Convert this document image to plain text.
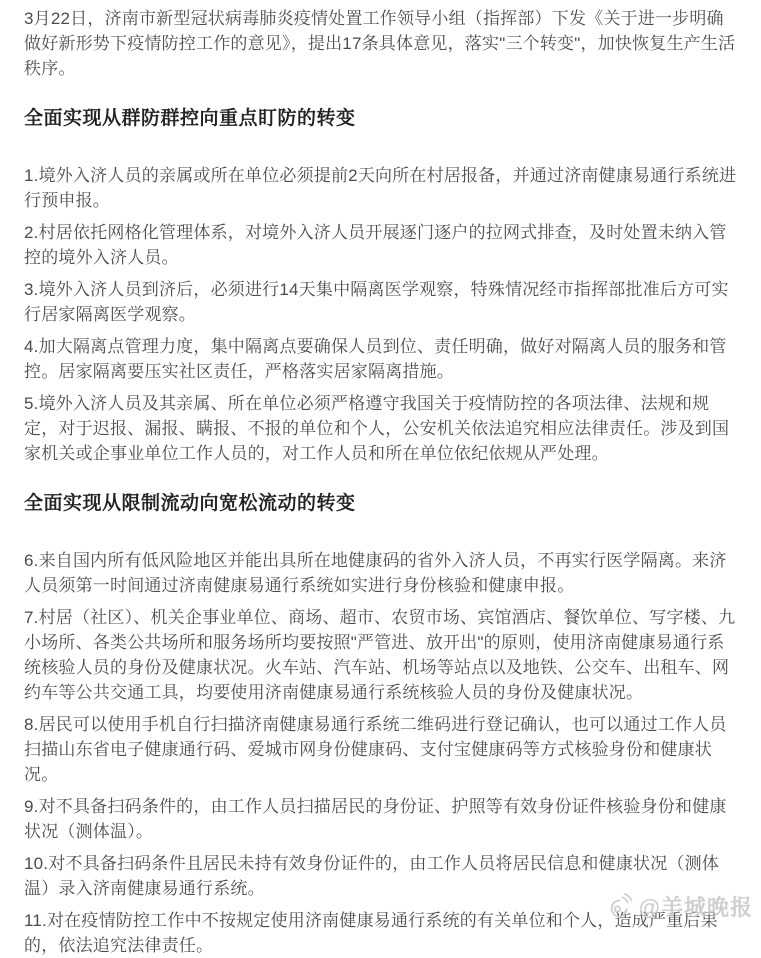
3月22日，济南市新型冠状病毒肺炎疫情处置工作领导小组（指挥部）下发《关于进一步明确做好新形势下疫情防控工作的意见》，提出17条具体意见，落实"三个转变"，加快恢复生产生活秩序。

全面实现从群防群控向重点盯防的转变

1.境外入济人员的亲属或所在单位必须提前2天向所在村居报备，并通过济南健康易通行系统进行预申报。

2.村居依托网格化管理体系，对境外入济人员开展逐门逐户的拉网式排查，及时处置未纳入管控的境外入济人员。

3.境外入济人员到济后，必须进行14天集中隔离医学观察，特殊情况经市指挥部批准后方可实行居家隔离医学观察。

4.加大隔离点管理力度，集中隔离点要确保人员到位、责任明确，做好对隔离人员的服务和管控。居家隔离要压实社区责任，严格落实居家隔离措施。

5.境外入济人员及其亲属、所在单位必须严格遵守我国关于疫情防控的各项法律、法规和规定，对于迟报、漏报、瞒报、不报的单位和个人，公安机关依法追究相应法律责任。涉及到国家机关或企事业单位工作人员的，对工作人员和所在单位依纪依规从严处理。

全面实现从限制流动向宽松流动的转变

6.来自国内所有低风险地区并能出具所在地健康码的省外入济人员，不再实行医学隔离。来济人员须第一时间通过济南健康易通行系统如实进行身份核验和健康申报。

7.村居（社区）、机关企事业单位、商场、超市、农贸市场、宾馆酒店、餐饮单位、写字楼、九小场所、各类公共场所和服务场所均要按照"严管进、放开出"的原则，使用济南健康易通行系统核验人员的身份及健康状况。火车站、汽车站、机场等站点以及地铁、公交车、出租车、网约车等公共交通工具，均要使用济南健康易通行系统核验人员的身份及健康状况。

8.居民可以使用手机自行扫描济南健康易通行系统二维码进行登记确认，也可以通过工作人员扫描山东省电子健康通行码、爱城市网身份健康码、支付宝健康码等方式核验身份和健康状况。

9.对不具备扫码条件的，由工作人员扫描居民的身份证、护照等有效身份证件核验身份和健康状况（测体温）。

10.对不具备扫码条件且居民未持有效身份证件的，由工作人员将居民信息和健康状况（测体温）录入济南健康易通行系统。

11.对在疫情防控工作中不按规定使用济南健康易通行系统的有关单位和个人，造成严重后果的，依法追究法律责任。

@羊城晚报
